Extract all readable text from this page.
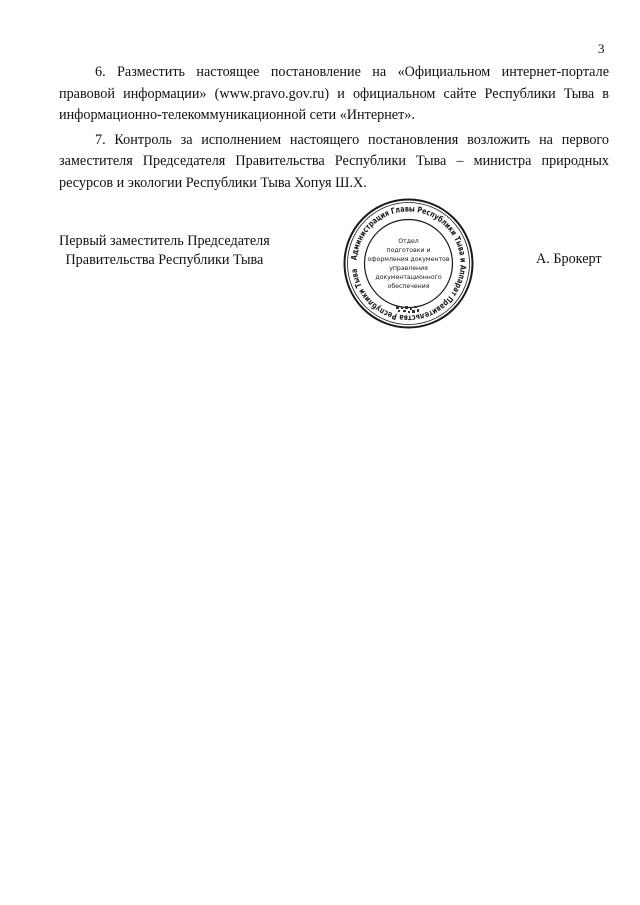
3

6. Разместить настоящее постановление на «Официальном интернет-портале правовой информации» (www.pravo.gov.ru) и официальном сайте Республики Тыва в информационно-телекоммуникационной сети «Интернет».

7. Контроль за исполнением настоящего постановления возложить на первого заместителя Председателя Правительства Республики Тыва – министра природных ресурсов и экологии Республики Тыва Хопуя Ш.Х.

Первый заместитель Председателя
Правительства Республики Тыва	А. Брокерт
Администрация Главы Республики Тыва и Аппарат Правительства Республики Тыва
Отдел
подготовки и
оформления документов
управления
документационного
обеспечения
